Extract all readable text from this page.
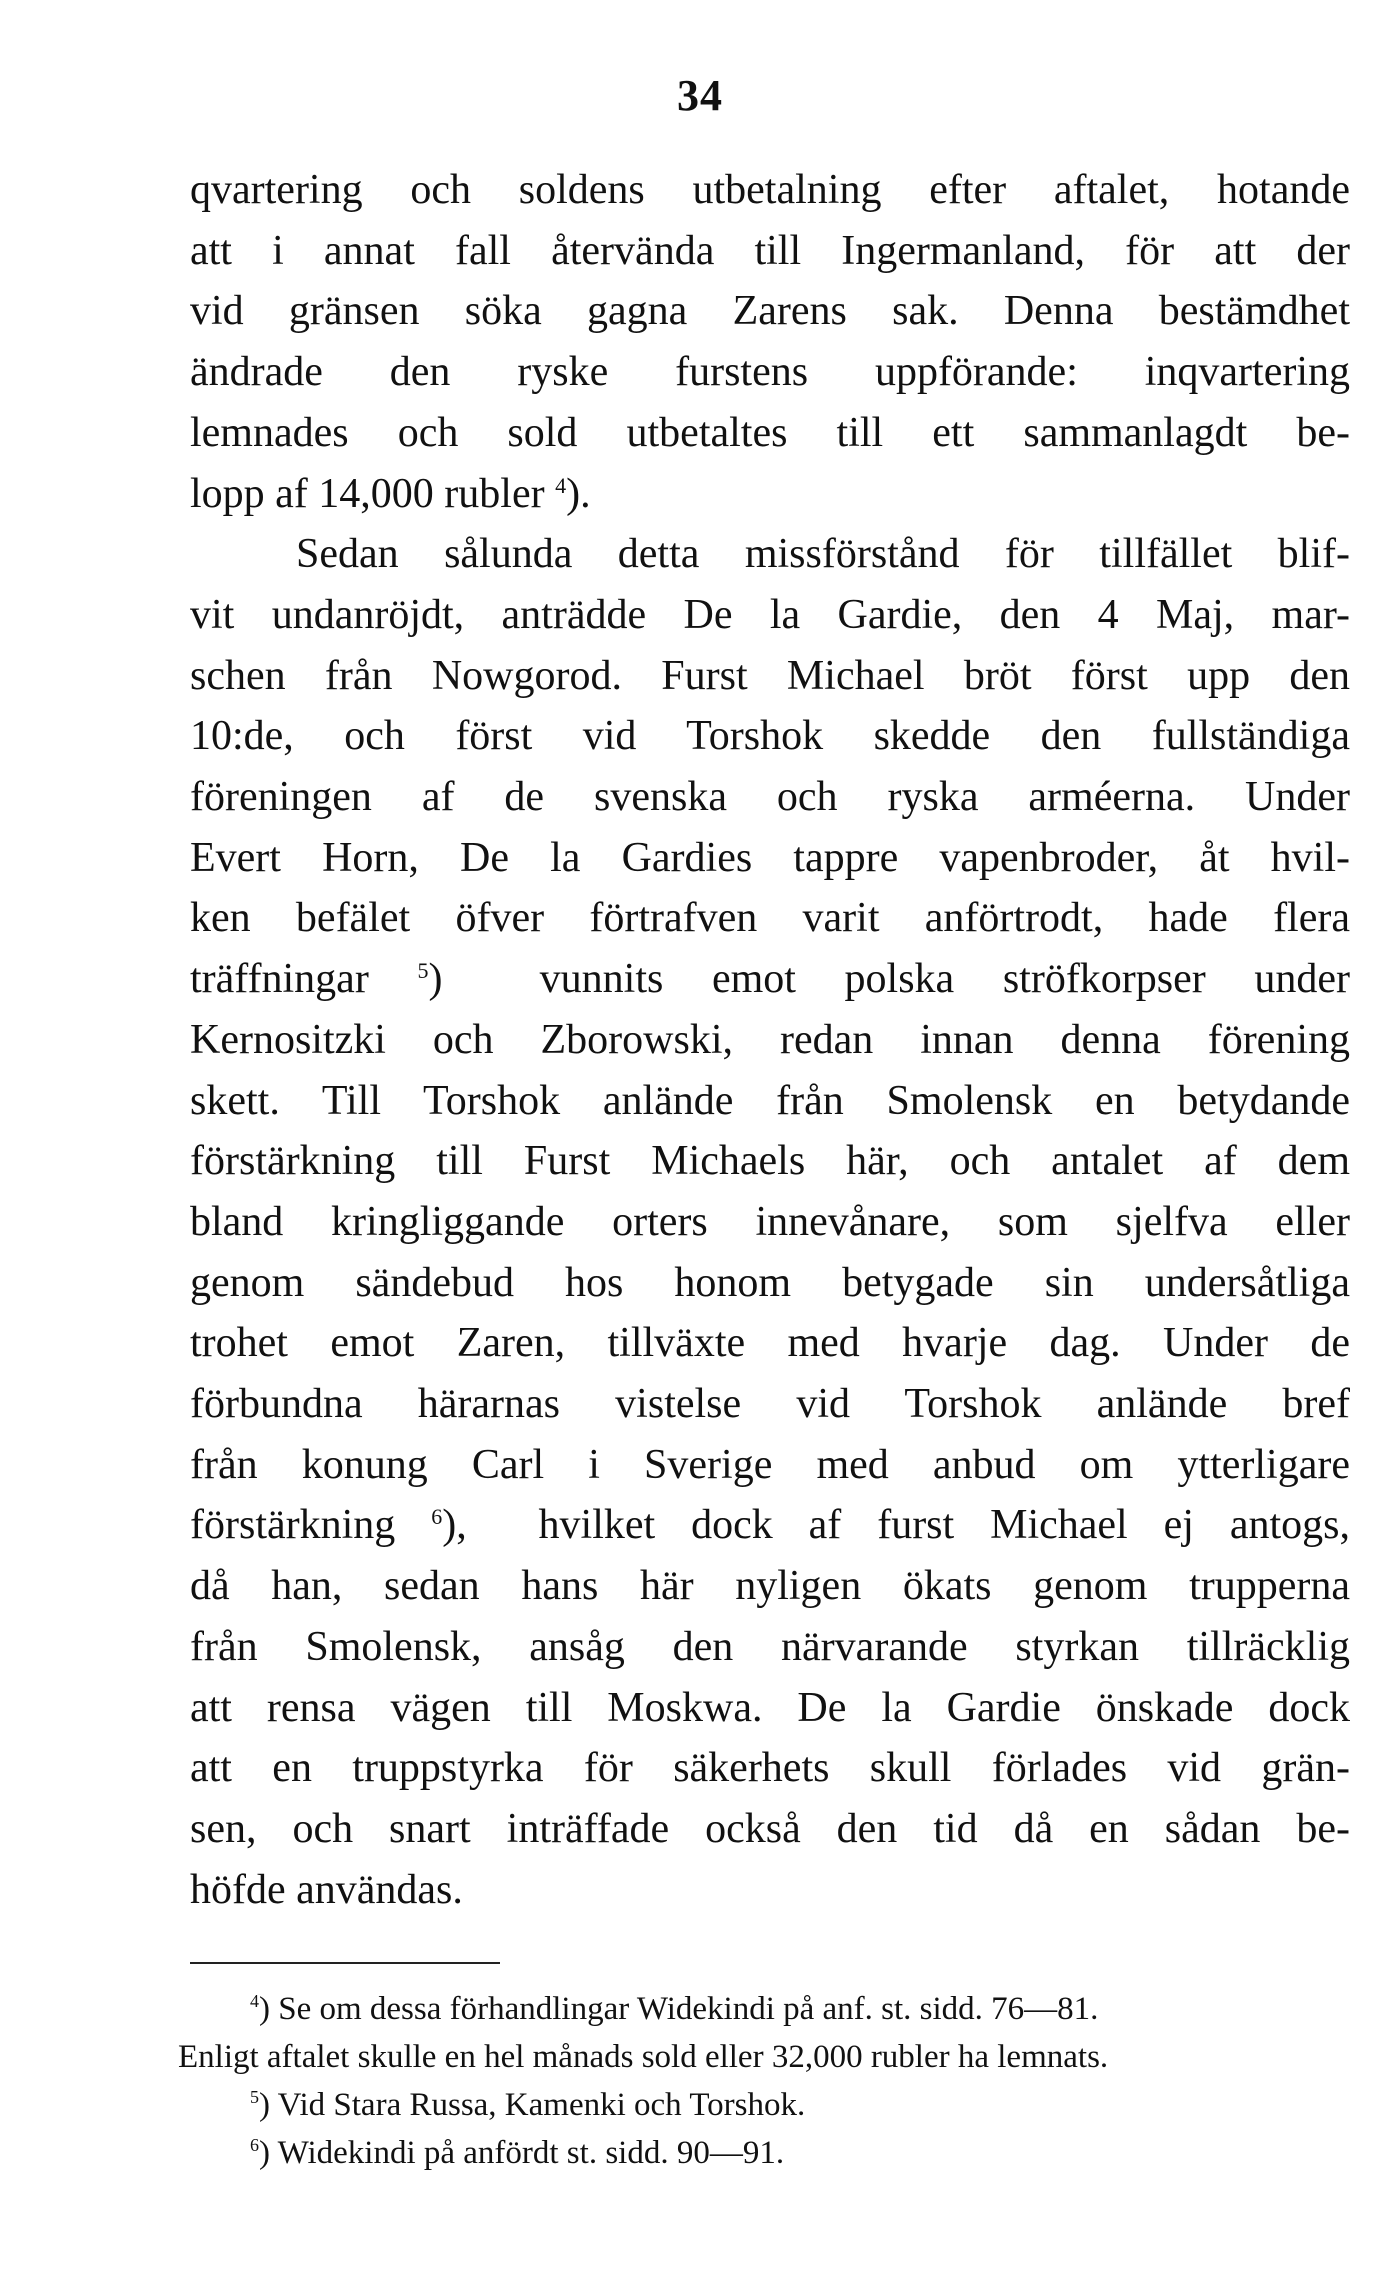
34
qvartering och soldens utbetalning efter aftalet, hotande
att i annat fall återvända till Ingermanland, för att der
vid gränsen söka gagna Zarens sak. Denna bestämdhet
ändrade den ryske furstens uppförande: inqvartering
lemnades och sold utbetaltes till ett sammanlagdt be-
lopp af 14,000 rubler $^4$).
Sedan sålunda detta missförstånd för tillfället blif-
vit undanröjdt, anträdde De la Gardie, den 4 Maj, mar-
schen från Nowgorod. Furst Michael bröt först upp den
10:de, och först vid Torshok skedde den fullständiga
föreningen af de svenska och ryska arméerna. Under
Evert Horn, De la Gardies tappre vapenbroder, åt hvil-
ken befälet öfver förtrafven varit anförtrodt, hade flera
träffningar $^5$)  vunnits emot polska ströfkorpser under
Kernositzki och Zborowski, redan innan denna förening
skett. Till Torshok anlände från Smolensk en betydande
förstärkning till Furst Michaels här, och antalet af dem
bland kringliggande orters innevånare, som sjelfva eller
genom sändebud hos honom betygade sin undersåtliga
trohet emot Zaren, tillväxte med hvarje dag. Under de
förbundna härarnas vistelse vid Torshok anlände bref
från konung Carl i Sverige med anbud om ytterligare
förstärkning $^6$),  hvilket dock af furst Michael ej antogs,
då han, sedan hans här nyligen ökats genom trupperna
från Smolensk, ansåg den närvarande styrkan tillräcklig
att rensa vägen till Moskwa. De la Gardie önskade dock
att en truppstyrka för säkerhets skull förlades vid grän-
sen, och snart inträffade också den tid då en sådan be-
höfde användas.
$^4$) Se om dessa förhandlingar Widekindi på anf. st. sidd. 76—81.
Enligt aftalet skulle en hel månads sold eller 32,000 rubler ha lemnats.
$^5$) Vid Stara Russa, Kamenki och Torshok.
$^6$) Widekindi på anfördt st. sidd. 90—91.
